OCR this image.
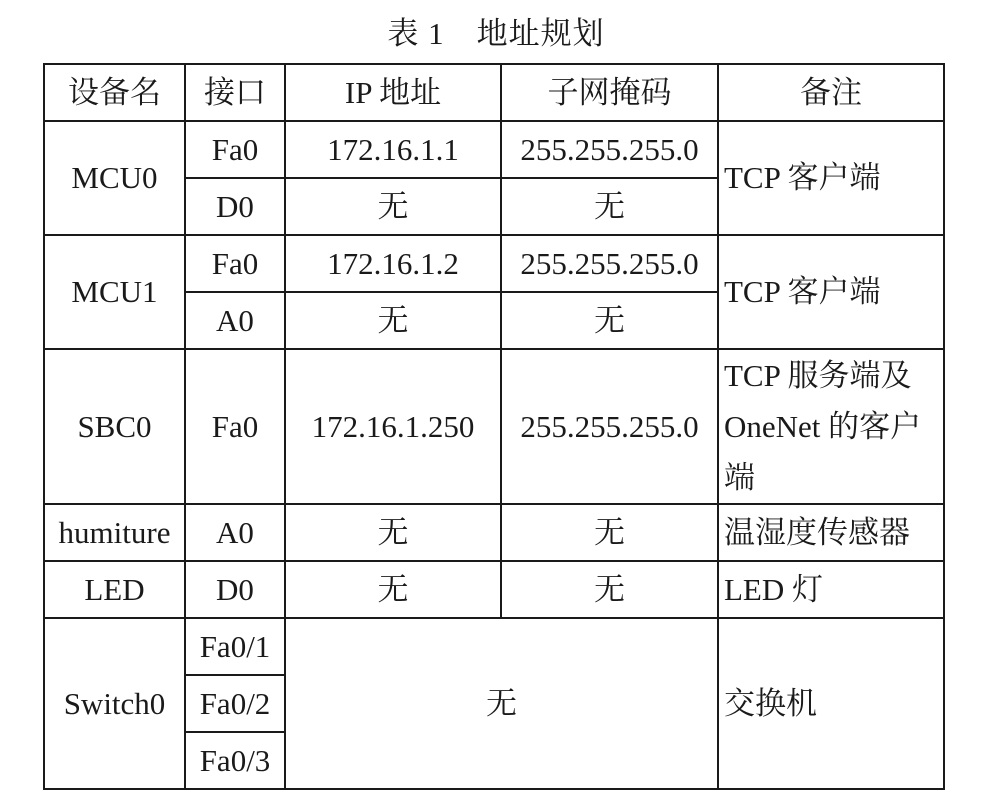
表 1　地址规划
设备名	接口	IP 地址	子网掩码	备注
MCU0	Fa0	172.16.1.1	255.255.255.0	TCP 客户端
	D0	无	无	
MCU1	Fa0	172.16.1.2	255.255.255.0	TCP 客户端
	A0	无	无	
SBC0	Fa0	172.16.1.250	255.255.255.0	TCP 服务端及 OneNet 的客户端
humiture	A0	无	无	温湿度传感器
LED	D0	无	无	LED 灯
Switch0	Fa0/1	无		交换机
	Fa0/2			
	Fa0/3			
